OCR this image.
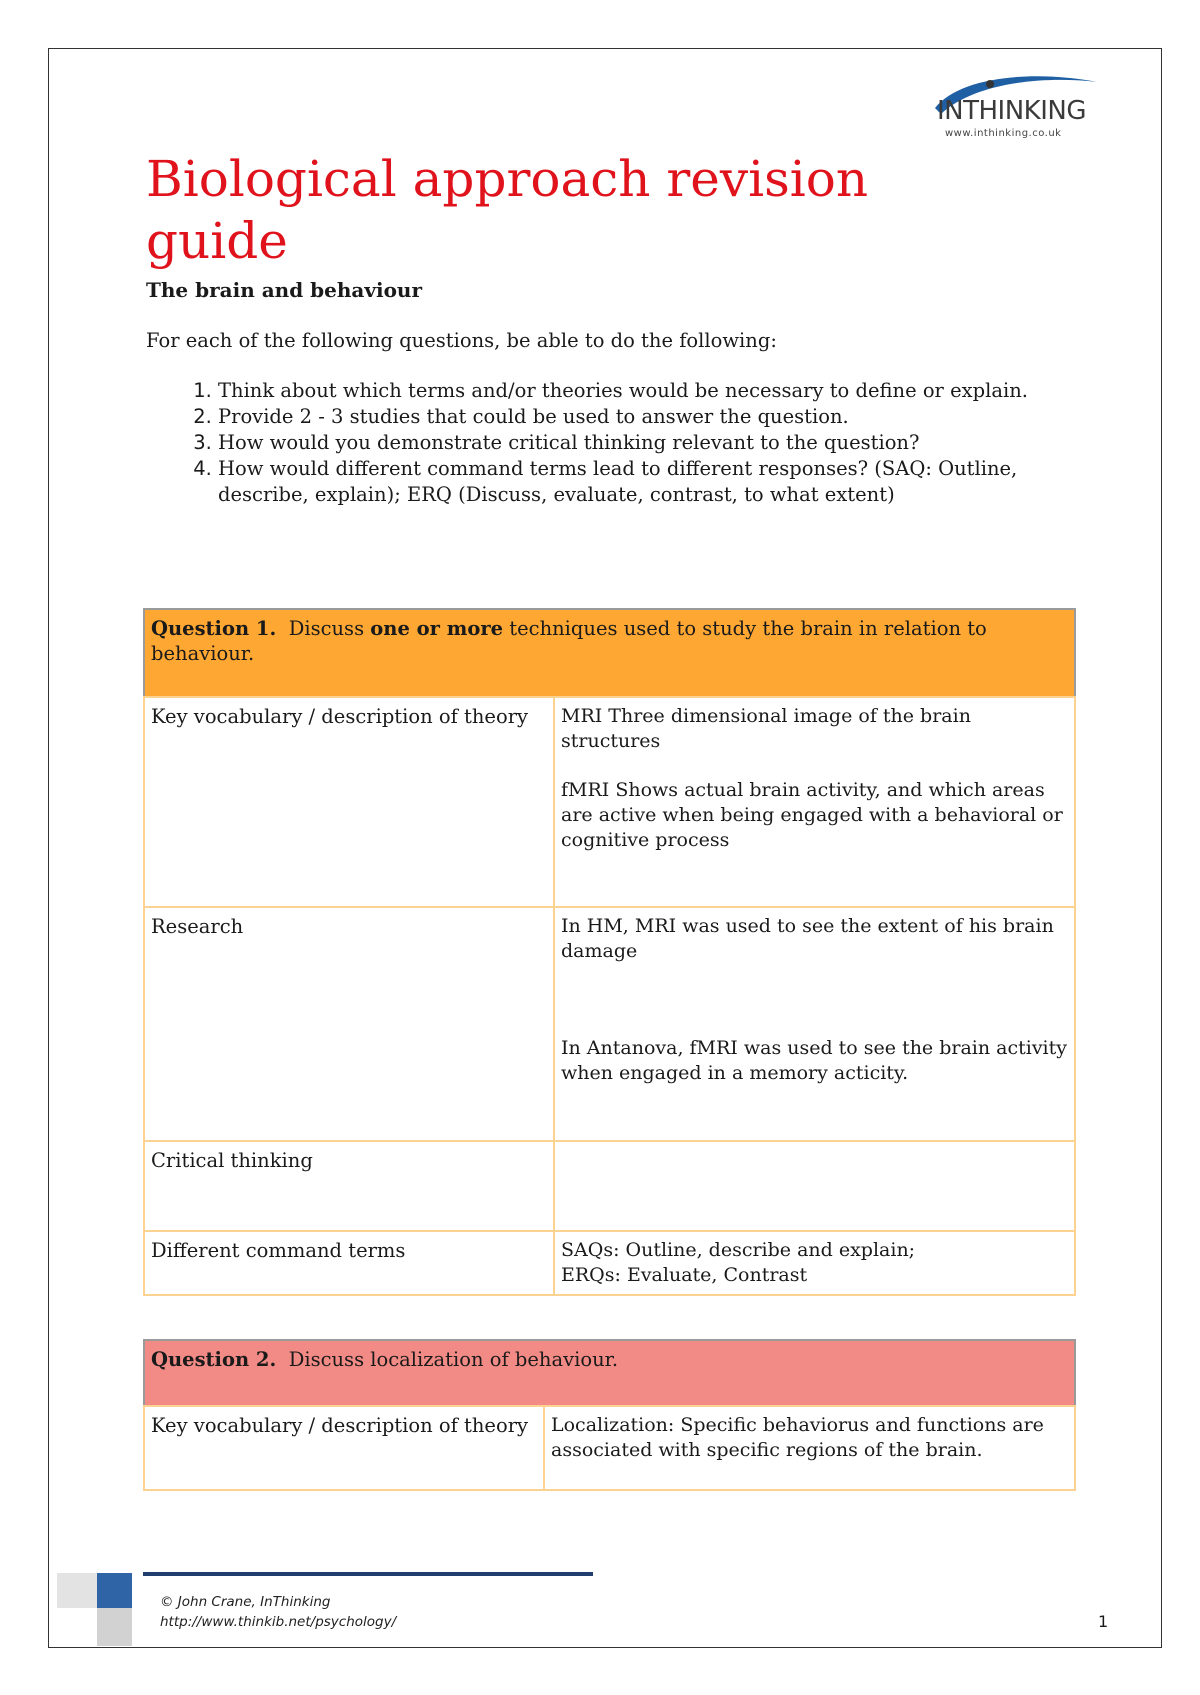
INTHINKING
www.inthinking.co.uk
Biological approach revision guide
The brain and behaviour

For each of the following questions, be able to do the following:

1. Think about which terms and/or theories would be necessary to define or explain.
2. Provide 2 - 3 studies that could be used to answer the question.
3. How would you demonstrate critical thinking relevant to the question?
4. How would different command terms lead to different responses? (SAQ: Outline, describe, explain); ERQ (Discuss, evaluate, contrast, to what extent)
Question 1. Discuss one or more techniques used to study the brain in relation to behaviour.	
Key vocabulary / description of theory	MRI Three dimensional image of the brain structures

fMRI Shows actual brain activity, and which areas are active when being engaged with a behavioral or cognitive process

Research	In HM, MRI was used to see the extent of his brain damage

In Antanova, fMRI was used to see the brain activity when engaged in a memory acticity.

Critical thinking	
Different command terms	SAQs: Outline, describe and explain;

ERQs: Evaluate, Contrast

Question 2. Discuss localization of behaviour.
Key vocabulary / description of theory	Localization: Specific behaviorus and functions are associated with specific regions of the brain.

© John Crane, InThinking
http://www.thinkib.net/psychology/	1
